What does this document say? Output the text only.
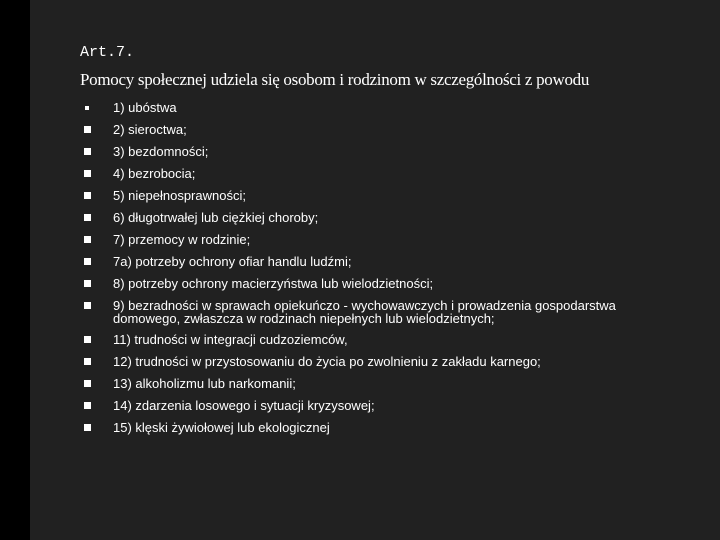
Art.7.
Pomocy społecznej udziela się osobom i rodzinom w szczególności z powodu
1) ubóstwa
2) sieroctwa;
3) bezdomności;
4) bezrobocia;
5) niepełnosprawności;
6) długotrwałej lub ciężkiej choroby;
7) przemocy w rodzinie;
7a) potrzeby ochrony ofiar handlu ludźmi;
8) potrzeby ochrony macierzyństwa lub wielodzietności;
9) bezradności w sprawach opiekuńczo - wychowawczych i prowadzenia gospodarstwa domowego, zwłaszcza w rodzinach niepełnych lub wielodzietnych;
11) trudności w integracji cudzoziemców,
12) trudności w przystosowaniu do życia po zwolnieniu z zakładu karnego;
13) alkoholizmu lub narkomanii;
14) zdarzenia losowego i sytuacji kryzysowej;
15) klęski żywiołowej lub ekologicznej
